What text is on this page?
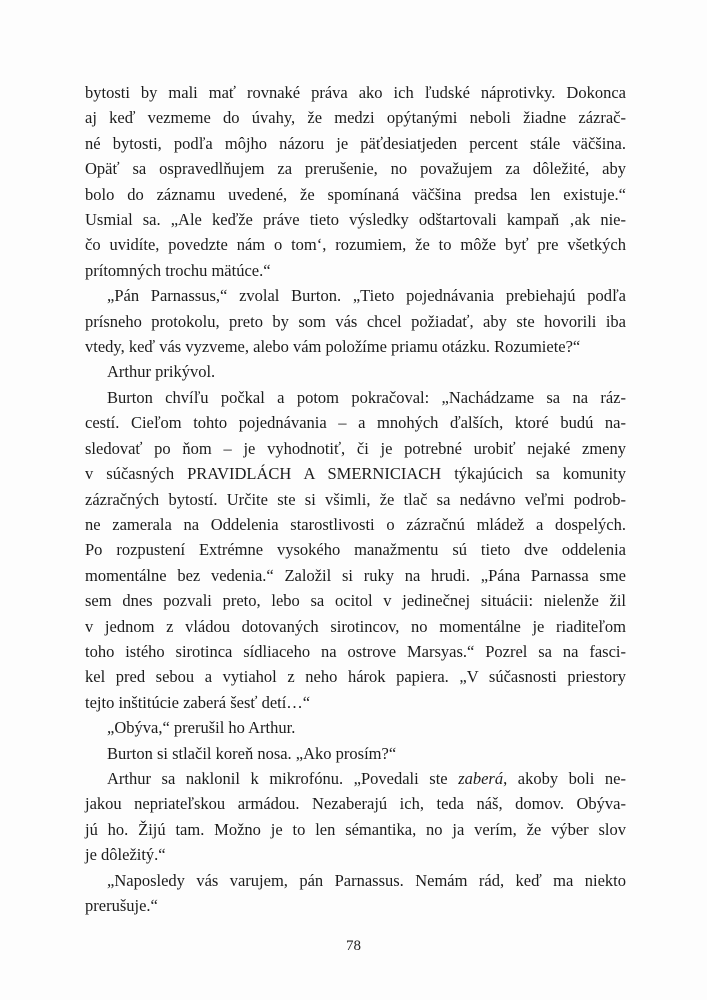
bytosti by mali mať rovnaké práva ako ich ľudské náprotivky. Dokonca
aj keď vezmeme do úvahy, že medzi opýtanými neboli žiadne zázrač-
né bytosti, podľa môjho názoru je päťdesiatjeden percent stále väčšina.
Opäť sa ospravedlňujem za prerušenie, no považujem za dôležité, aby
bolo do záznamu uvedené, že spomínaná väčšina predsa len existuje.“
Usmial sa. „Ale keďže práve tieto výsledky odštartovali kampaň ‚ak nie-
čo uvidíte, povedzte nám o tom‘, rozumiem, že to môže byť pre všetkých
prítomných trochu mätúce.“
„Pán Parnassus,“ zvolal Burton. „Tieto pojednávania prebiehajú podľa
prísneho protokolu, preto by som vás chcel požiadať, aby ste hovorili iba
vtedy, keď vás vyzveme, alebo vám položíme priamu otázku. Rozumiete?“
Arthur prikývol.
Burton chvíľu počkal a potom pokračoval: „Nachádzame sa na ráz-
cestí. Cieľom tohto pojednávania – a mnohých ďalších, ktoré budú na-
sledovať po ňom – je vyhodnotiť, či je potrebné urobiť nejaké zmeny
v súčasných PRAVIDLÁCH A SMERNICIACH týkajúcich sa komunity
zázračných bytostí. Určite ste si všimli, že tlač sa nedávno veľmi podrob-
ne zamerala na Oddelenia starostlivosti o zázračnú mládež a dospelých.
Po rozpustení Extrémne vysokého manažmentu sú tieto dve oddelenia
momentálne bez vedenia.“ Založil si ruky na hrudi. „Pána Parnassa sme
sem dnes pozvali preto, lebo sa ocitol v jedinečnej situácii: nielenže žil
v jednom z vládou dotovaných sirotincov, no momentálne je riaditeľom
toho istého sirotinca sídliaceho na ostrove Marsyas.“ Pozrel sa na fasci-
kel pred sebou a vytiahol z neho hárok papiera. „V súčasnosti priestory
tejto inštitúcie zaberá šesť detí…“
„Obýva,“ prerušil ho Arthur.
Burton si stlačil koreň nosa. „Ako prosím?“
Arthur sa naklonil k mikrofónu. „Povedali ste zaberá, akoby boli ne-
jakou nepriateľskou armádou. Nezaberajú ich, teda náš, domov. Obýva-
jú ho. Žijú tam. Možno je to len sémantika, no ja verím, že výber slov
je dôležitý.“
„Naposledy vás varujem, pán Parnassus. Nemám rád, keď ma niekto
prerušuje.“
78
